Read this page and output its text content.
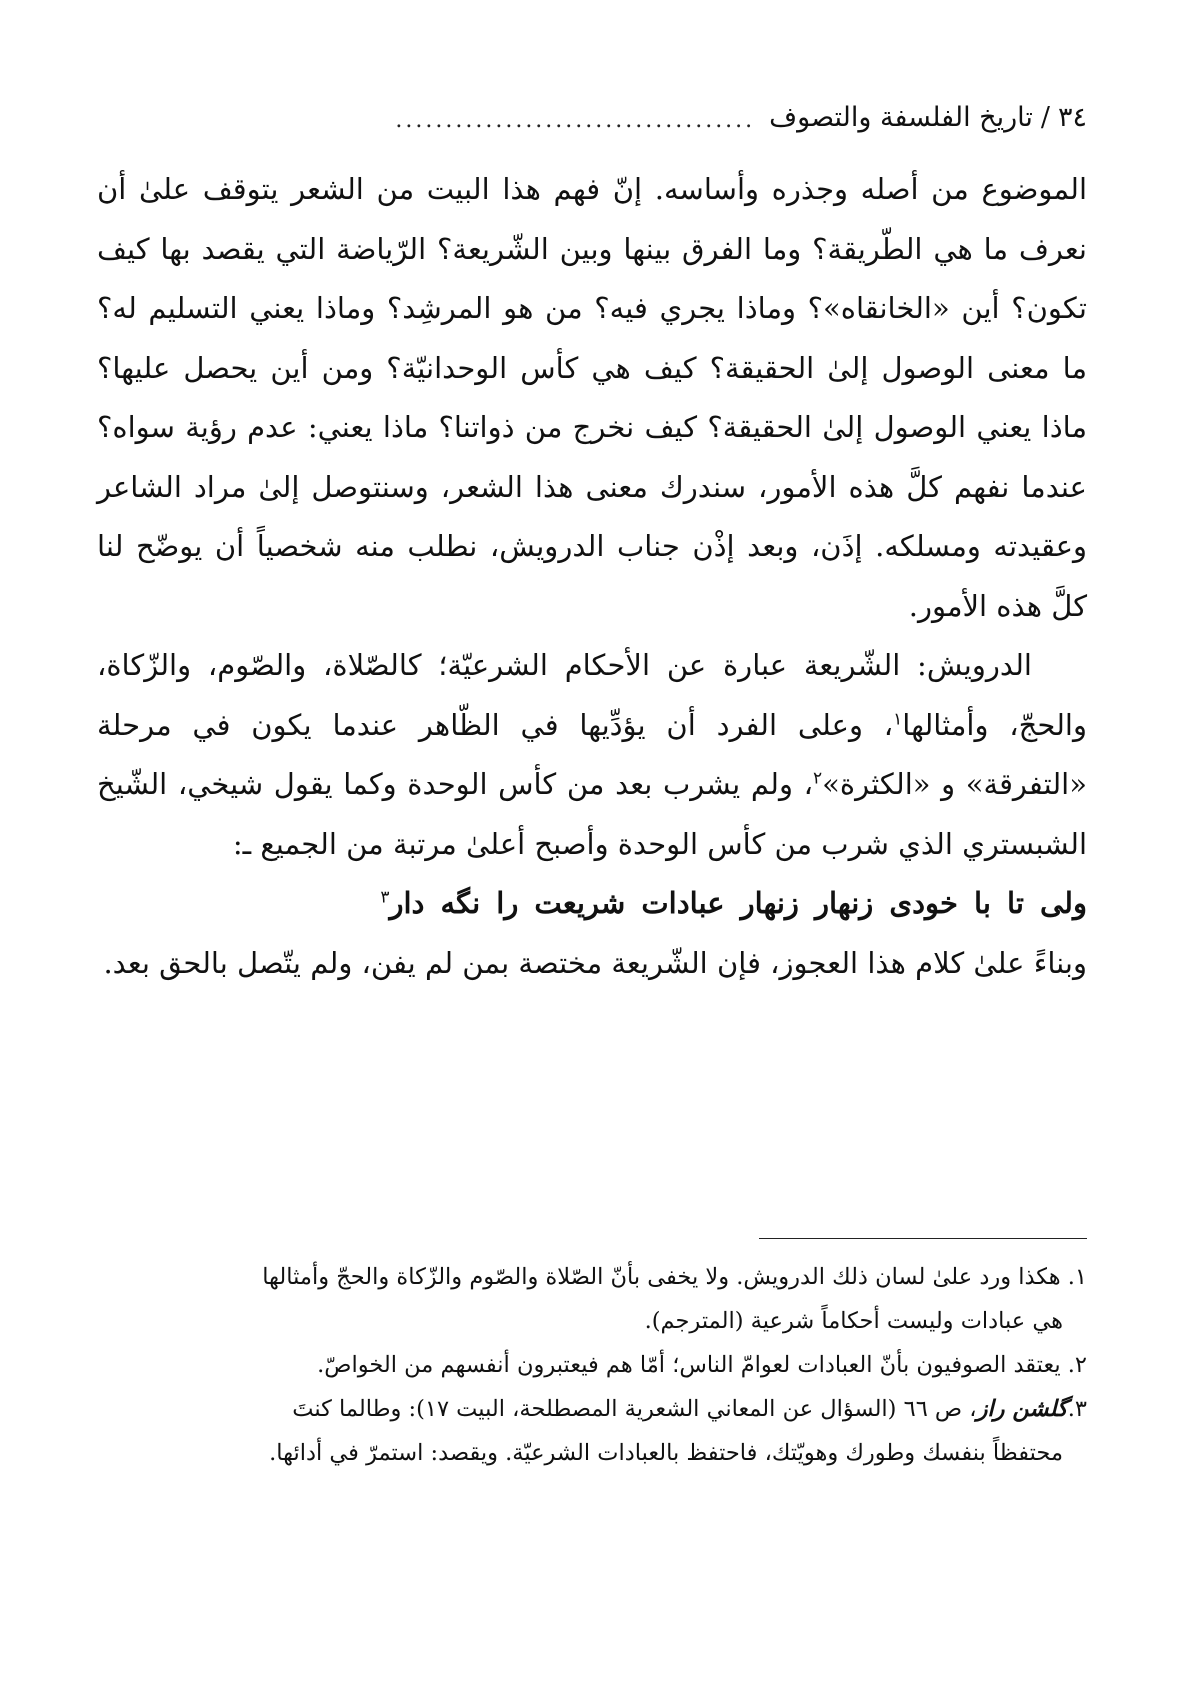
٣٤
/
تاريخ الفلسفة والتصوف
....................................

الموضوع من أصله وجذره وأساسه. إنّ فهم هذا البيت من الشعر يتوقف علىٰ أن نعرف ما هي الطّريقة؟ وما الفرق بينها وبين الشّريعة؟ الرّياضة التي يقصد بها كيف تكون؟ أين «الخانقاه»؟ وماذا يجري فيه؟ من هو المرشِد؟ وماذا يعني التسليم له؟ ما معنى الوصول إلىٰ الحقيقة؟ كيف هي كأس الوحدانيّة؟ ومن أين يحصل عليها؟ ماذا يعني الوصول إلىٰ الحقيقة؟ كيف نخرج من ذواتنا؟ ماذا يعني: عدم رؤية سواه؟ عندما نفهم كلَّ هذه الأمور، سندرك معنى هذا الشعر، وسنتوصل إلىٰ مراد الشاعر وعقيدته ومسلكه. إذَن، وبعد إذْن جناب الدرويش، نطلب منه شخصياً أن يوضّح لنا كلَّ هذه الأمور.

الدرويش: الشّريعة عبارة عن الأحكام الشرعيّة؛ كالصّلاة، والصّوم، والزّكاة، والحجّ، وأمثالها$^١$، وعلى الفرد أن يؤدِّيها في الظّاهر عندما يكون في مرحلة «التفرقة» و «الكثرة»$^٢$، ولم يشرب بعد من كأس الوحدة وكما يقول شيخي، الشّيخ الشبستري الذي شرب من كأس الوحدة وأصبح أعلىٰ مرتبة من الجميع ـ:

ولی تا با خودی زنهار زنهار عبادات شریعت را نگه دار$^٣$

وبناءً علىٰ كلام هذا العجوز، فإن الشّريعة مختصة بمن لم يفن، ولم يتّصل بالحق بعد.

١. هكذا ورد علىٰ لسان ذلك الدرويش. ولا يخفى بأنّ الصّلاة والصّوم والزّكاة والحجّ وأمثالها
هي عبادات وليست أحكاماً شرعية (المترجم).

٢. يعتقد الصوفيون بأنّ العبادات لعوامّ الناس؛ أمّا هم فيعتبرون أنفسهم من الخواصّ.

٣.گلشن راز، ص ٦٦ (السؤال عن المعاني الشعرية المصطلحة، البيت ١٧): وطالما كنتَ
محتفظاً بنفسك وطورك وهويّتك، فاحتفظ بالعبادات الشرعيّة. ويقصد: استمرّ في أدائها.
